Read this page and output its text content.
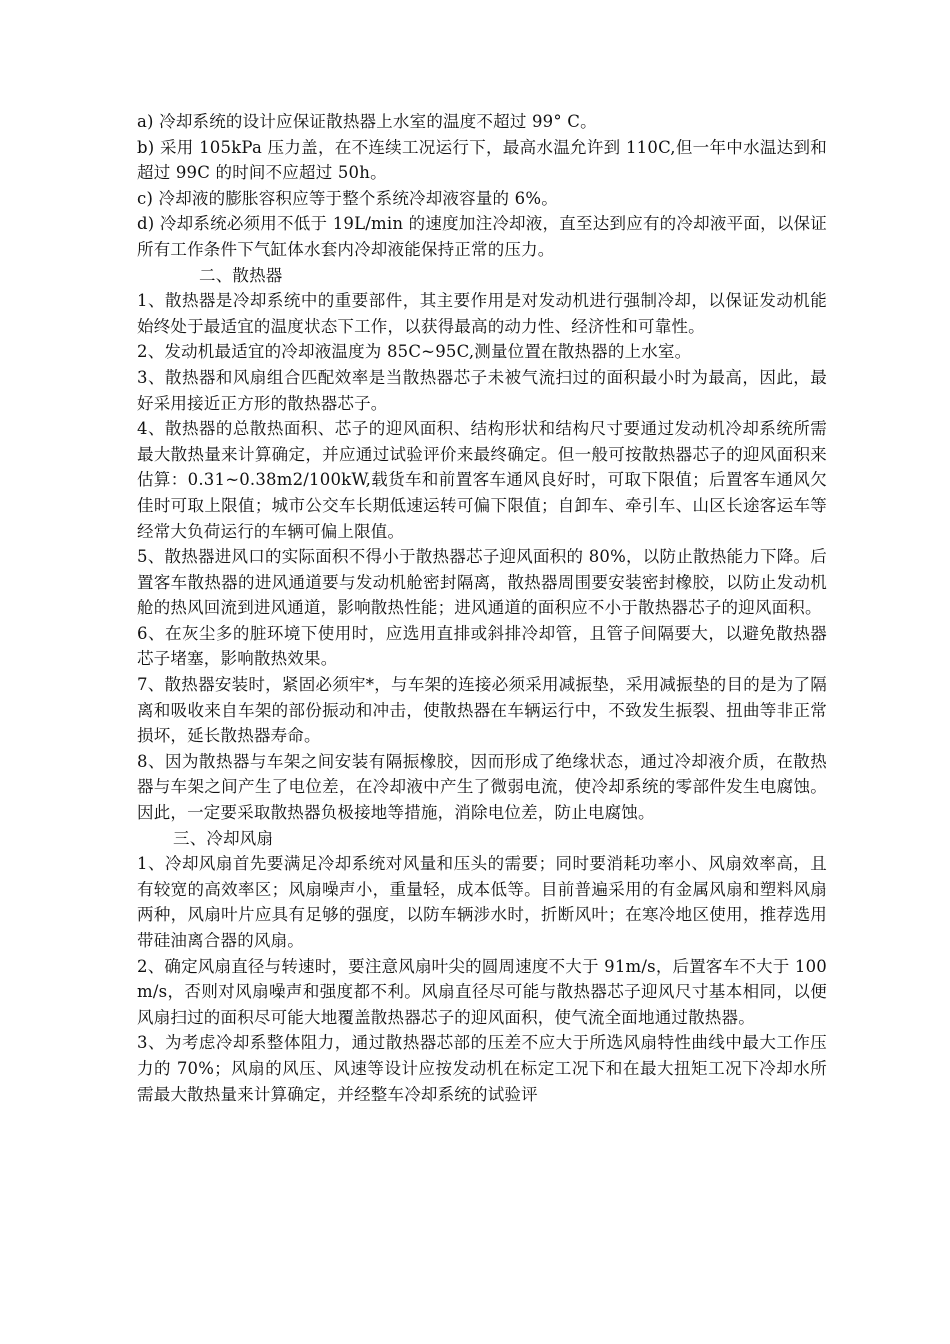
a) 冷却系统的设计应保证散热器上水室的温度不超过 99° C。

b) 采用 105kPa 压力盖，在不连续工况运行下，最高水温允许到 110C,但一年中水温达到和超过 99C 的时间不应超过 50h。

c) 冷却液的膨胀容积应等于整个系统冷却液容量的 6%。

d) 冷却系统必须用不低于 19L/min 的速度加注冷却液，直至达到应有的冷却液平面，以保证所有工作条件下气缸体水套内冷却液能保持正常的压力。

二、散热器

1、散热器是冷却系统中的重要部件，其主要作用是对发动机进行强制冷却，以保证发动机能始终处于最适宜的温度状态下工作，以获得最高的动力性、经济性和可靠性。

2、发动机最适宜的冷却液温度为 85C~95C,测量位置在散热器的上水室。

3、散热器和风扇组合匹配效率是当散热器芯子未被气流扫过的面积最小时为最高，因此，最好采用接近正方形的散热器芯子。

4、散热器的总散热面积、芯子的迎风面积、结构形状和结构尺寸要通过发动机冷却系统所需最大散热量来计算确定，并应通过试验评价来最终确定。但一般可按散热器芯子的迎风面积来估算：0.31~0.38m2/100kW,载货车和前置客车通风良好时，可取下限值；后置客车通风欠佳时可取上限值；城市公交车长期低速运转可偏下限值；自卸车、牵引车、山区长途客运车等经常大负荷运行的车辆可偏上限值。

5、散热器进风口的实际面积不得小于散热器芯子迎风面积的 80%，以防止散热能力下降。后置客车散热器的进风通道要与发动机舱密封隔离，散热器周围要安装密封橡胶，以防止发动机舱的热风回流到进风通道，影响散热性能；进风通道的面积应不小于散热器芯子的迎风面积。

6、在灰尘多的脏环境下使用时，应选用直排或斜排冷却管，且管子间隔要大，以避免散热器芯子堵塞，影响散热效果。

7、散热器安装时，紧固必须牢*，与车架的连接必须采用减振垫，采用减振垫的目的是为了隔离和吸收来自车架的部份振动和冲击，使散热器在车辆运行中，不致发生振裂、扭曲等非正常损坏，延长散热器寿命。

8、因为散热器与车架之间安装有隔振橡胶，因而形成了绝缘状态，通过冷却液介质，在散热器与车架之间产生了电位差，在冷却液中产生了微弱电流，使冷却系统的零部件发生电腐蚀。因此，一定要采取散热器负极接地等措施，消除电位差，防止电腐蚀。

三、冷却风扇

1、冷却风扇首先要满足冷却系统对风量和压头的需要；同时要消耗功率小、风扇效率高，且有较宽的高效率区；风扇噪声小，重量轻，成本低等。目前普遍采用的有金属风扇和塑料风扇两种，风扇叶片应具有足够的强度，以防车辆涉水时，折断风叶；在寒冷地区使用，推荐选用带硅油离合器的风扇。

2、确定风扇直径与转速时，要注意风扇叶尖的圆周速度不大于 91m/s，后置客车不大于 100m/s，否则对风扇噪声和强度都不利。风扇直径尽可能与散热器芯子迎风尺寸基本相同，以便风扇扫过的面积尽可能大地覆盖散热器芯子的迎风面积，使气流全面地通过散热器。

3、为考虑冷却系整体阻力，通过散热器芯部的压差不应大于所选风扇特性曲线中最大工作压力的 70%；风扇的风压、风速等设计应按发动机在标定工况下和在最大扭矩工况下冷却水所需最大散热量来计算确定，并经整车冷却系统的试验评
